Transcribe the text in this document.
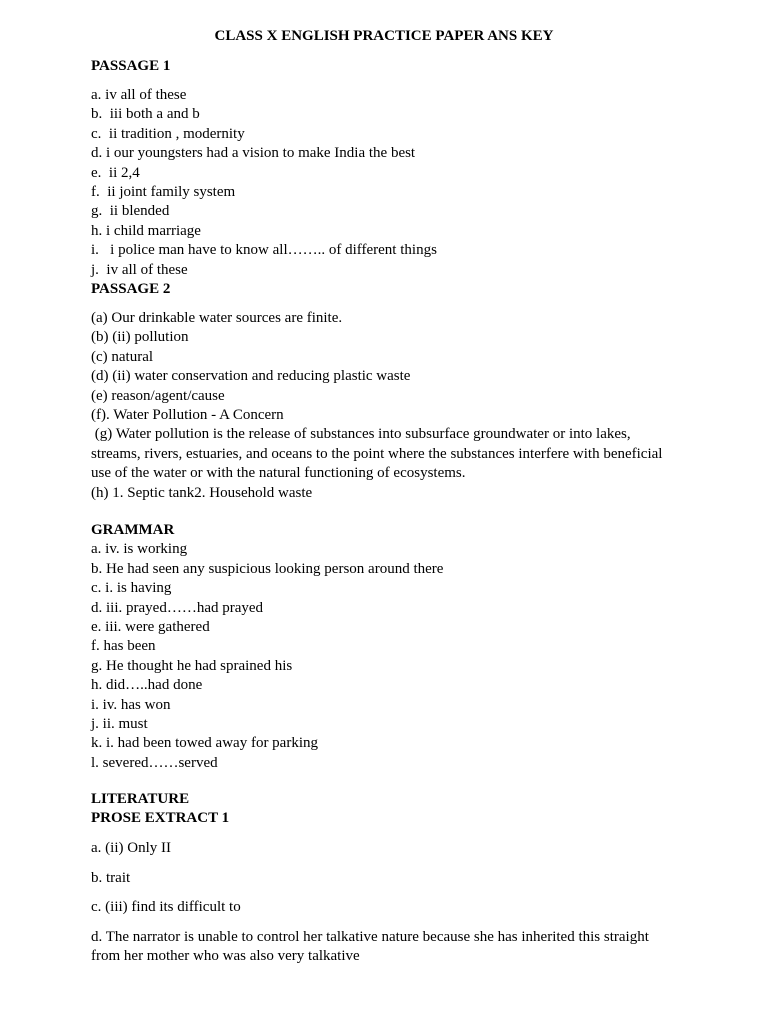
CLASS X ENGLISH PRACTICE PAPER ANS KEY
PASSAGE 1
a. iv all of these
b.  iii both a and b
c.  ii tradition , modernity
d. i our youngsters had a vision to make India the best
e.  ii 2,4
f.  ii joint family system
g.  ii blended
h. i child marriage
i.   i police man have to know all…….. of different things
j.  iv all of these
PASSAGE 2
(a) Our drinkable water sources are finite.
(b) (ii) pollution
(c) natural
(d) (ii) water conservation and reducing plastic waste
(e) reason/agent/cause
(f). Water Pollution - A Concern
(g) Water pollution is the release of substances into subsurface groundwater or into lakes, streams, rivers, estuaries, and oceans to the point where the substances interfere with beneficial use of the water or with the natural functioning of ecosystems.
(h) 1. Septic tank2. Household waste
GRAMMAR
a. iv. is working
b. He had seen any suspicious looking person around there
c. i. is having
d. iii. prayed……had prayed
e. iii. were gathered
f. has been
g. He thought he had sprained his
h. did…..had done
i. iv. has won
j. ii. must
k. i. had been towed away for parking
l. severed……served
LITERATURE
PROSE EXTRACT 1
a. (ii) Only II
b. trait
c. (iii) find its difficult to
d. The narrator is unable to control her talkative nature because she has inherited this straight from her mother who was also very talkative
